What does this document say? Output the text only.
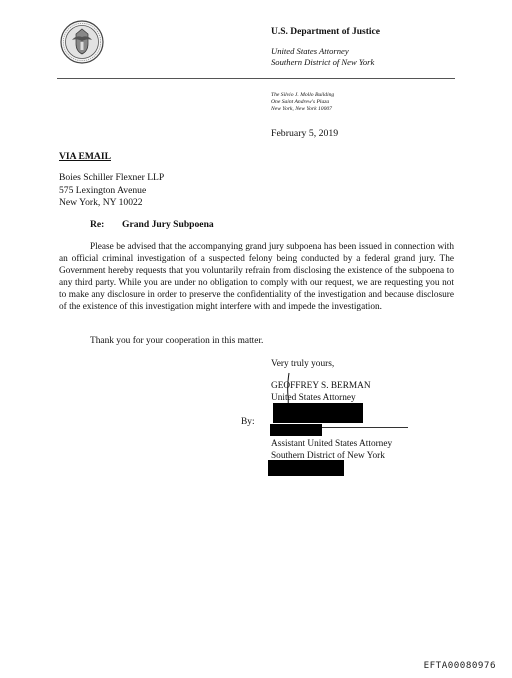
U.S. Department of Justice
United States Attorney
Southern District of New York
The Silvio J. Mollo Building
One Saint Andrew's Plaza
New York, New York 10007
February 5, 2019
VIA EMAIL
Boies Schiller Flexner LLP
575 Lexington Avenue
New York, NY 10022
Re: Grand Jury Subpoena
Please be advised that the accompanying grand jury subpoena has been issued in connection with an official criminal investigation of a suspected felony being conducted by a federal grand jury. The Government hereby requests that you voluntarily refrain from disclosing the existence of the subpoena to any third party. While you are under no obligation to comply with our request, we are requesting you not to make any disclosure in order to preserve the confidentiality of the investigation and because disclosure of the existence of this investigation might interfere with and impede the investigation.
Thank you for your cooperation in this matter.
Very truly yours,
GEOFFREY S. BERMAN
United States Attorney
By:
Assistant United States Attorney
Southern District of New York
EFTA00080976
